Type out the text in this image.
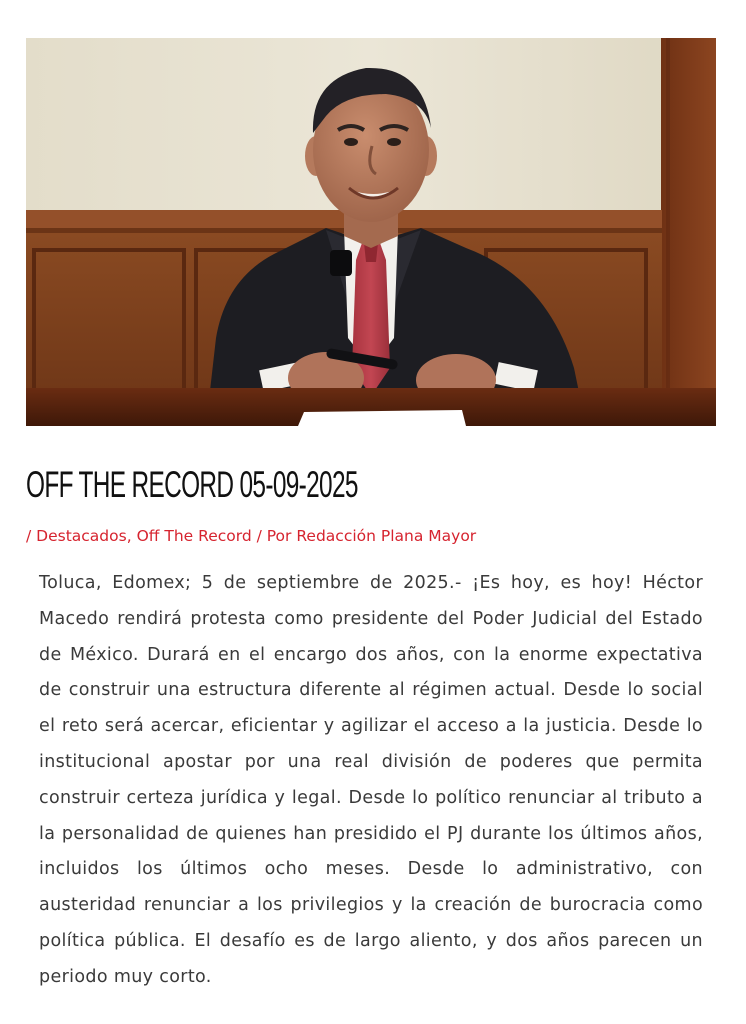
OFF THE RECORD 05-09-2025
/ Destacados, Off The Record / Por Redacción Plana Mayor

Toluca, Edomex; 5 de septiembre de 2025.- ¡Es hoy, es hoy! Héctor Macedo rendirá protesta como presidente del Poder Judicial del Estado de México. Durará en el encargo dos años, con la enorme expectativa de construir una estructura diferente al régimen actual. Desde lo social el reto será acercar, eficientar y agilizar el acceso a la justicia. Desde lo institucional apostar por una real división de poderes que permita construir certeza jurídica y legal. Desde lo político renunciar al tributo a la personalidad de quienes han presidido el PJ durante los últimos años, incluidos los últimos ocho meses. Desde lo administrativo, con austeridad renunciar a los privilegios y la creación de burocracia como política pública. El desafío es de largo aliento, y dos años parecen un periodo muy corto.
